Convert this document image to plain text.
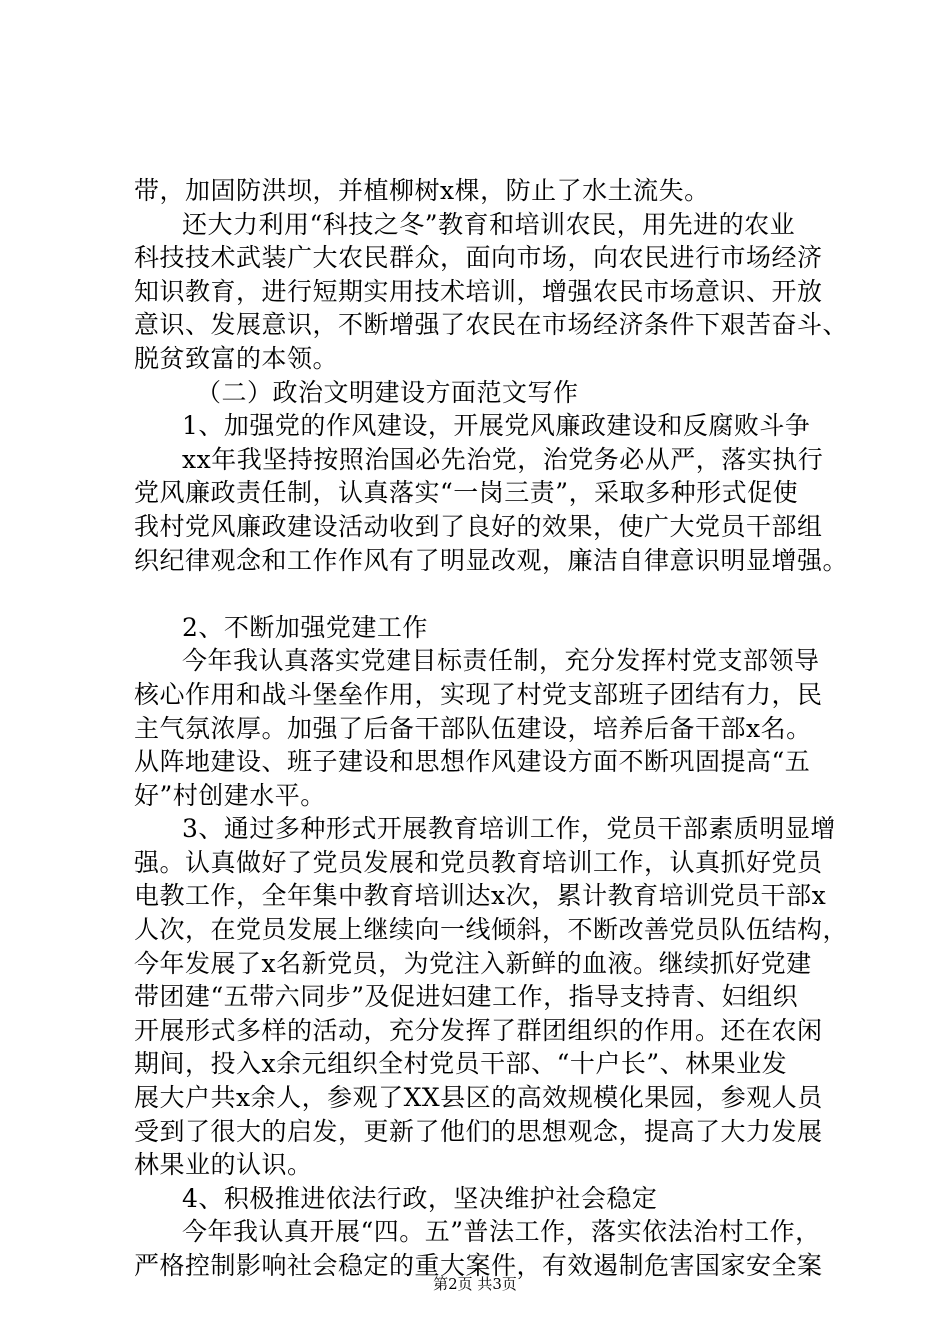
带，加固防洪坝，并植柳树x棵，防止了水土流失。
还大力利用“科技之冬”教育和培训农民，用先进的农业
科技技术武装广大农民群众，面向市场，向农民进行市场经济
知识教育，进行短期实用技术培训，增强农民市场意识、开放
意识、发展意识，不断增强了农民在市场经济条件下艰苦奋斗、
脱贫致富的本领。
（二）政治文明建设方面范文写作
1、加强党的作风建设，开展党风廉政建设和反腐败斗争
xx年我坚持按照治国必先治党，治党务必从严，落实执行
党风廉政责任制，认真落实“一岗三责”，采取多种形式促使
我村党风廉政建设活动收到了良好的效果，使广大党员干部组
织纪律观念和工作作风有了明显改观，廉洁自律意识明显增强。
2、不断加强党建工作
今年我认真落实党建目标责任制，充分发挥村党支部领导
核心作用和战斗堡垒作用，实现了村党支部班子团结有力，民
主气氛浓厚。加强了后备干部队伍建设，培养后备干部x名。
从阵地建设、班子建设和思想作风建设方面不断巩固提高“五
好”村创建水平。
3、通过多种形式开展教育培训工作，党员干部素质明显增
强。认真做好了党员发展和党员教育培训工作，认真抓好党员
电教工作，全年集中教育培训达x次，累计教育培训党员干部x
人次，在党员发展上继续向一线倾斜，不断改善党员队伍结构，
今年发展了x名新党员，为党注入新鲜的血液。继续抓好党建
带团建“五带六同步”及促进妇建工作，指导支持青、妇组织
开展形式多样的活动，充分发挥了群团组织的作用。还在农闲
期间，投入x余元组织全村党员干部、“十户长”、林果业发
展大户共x余人，参观了XX县区的高效规模化果园，参观人员
受到了很大的启发，更新了他们的思想观念，提高了大力发展
林果业的认识。
4、积极推进依法行政，坚决维护社会稳定
今年我认真开展“四。五”普法工作，落实依法治村工作，
严格控制影响社会稳定的重大案件，有效遏制危害国家安全案
第2页 共3页
